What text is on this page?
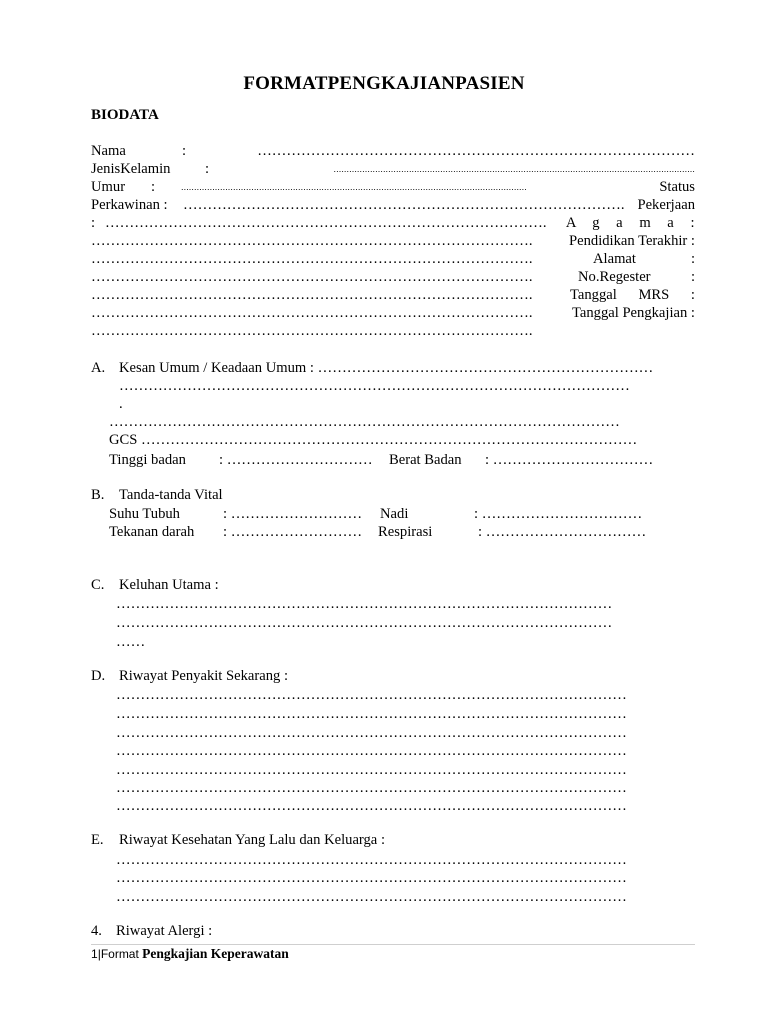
FORMATPENGKAJIANPASIEN
BIODATA
Nama	:	………………………………………………………………………………
JenisKelamin :	...........................................................................................................................................
Umur :	.....................................................................................................................................	Status
Perkawinan : ………………………………………………………………………………. Pekerjaan
: ………………………………………………………………………………. A g a m a :
……………………………………………………………………………….	Pendidikan Terakhir :
……………………………………………………………………………….	Alamat	:
……………………………………………………………………………….	No.Regester	:
……………………………………………………………………………….	Tanggal MRS :
……………………………………………………………………………….	Tanggal Pengkajian :
……………………………………………………………………………….
A. Kesan Umum / Keadaan Umum : ……………………………………………………………
……………………………………………………………………………………………
.
……………………………………………………………………………………………
GCS …………………………………………………………………………………………
Tinggi badan : ………………………… Berat Badan : ……………………………
B. Tanda-tanda Vital
Suhu Tubuh	: ……………………… Nadi	: ……………………………
Tekanan darah : ……………………… Respirasi	: ……………………………
C. Keluhan Utama :
…………………………………………………………………………………………
…………………………………………………………………………………………
……
D. Riwayat Penyakit Sekarang :
……………………………………………………………………………………………
……………………………………………………………………………………………
……………………………………………………………………………………………
……………………………………………………………………………………………
……………………………………………………………………………………………
……………………………………………………………………………………………
……………………………………………………………………………………………
E. Riwayat Kesehatan Yang Lalu dan Keluarga :
……………………………………………………………………………………………
……………………………………………………………………………………………
……………………………………………………………………………………………
4. Riwayat Alergi :
1|Format Pengkajian Keperawatan
